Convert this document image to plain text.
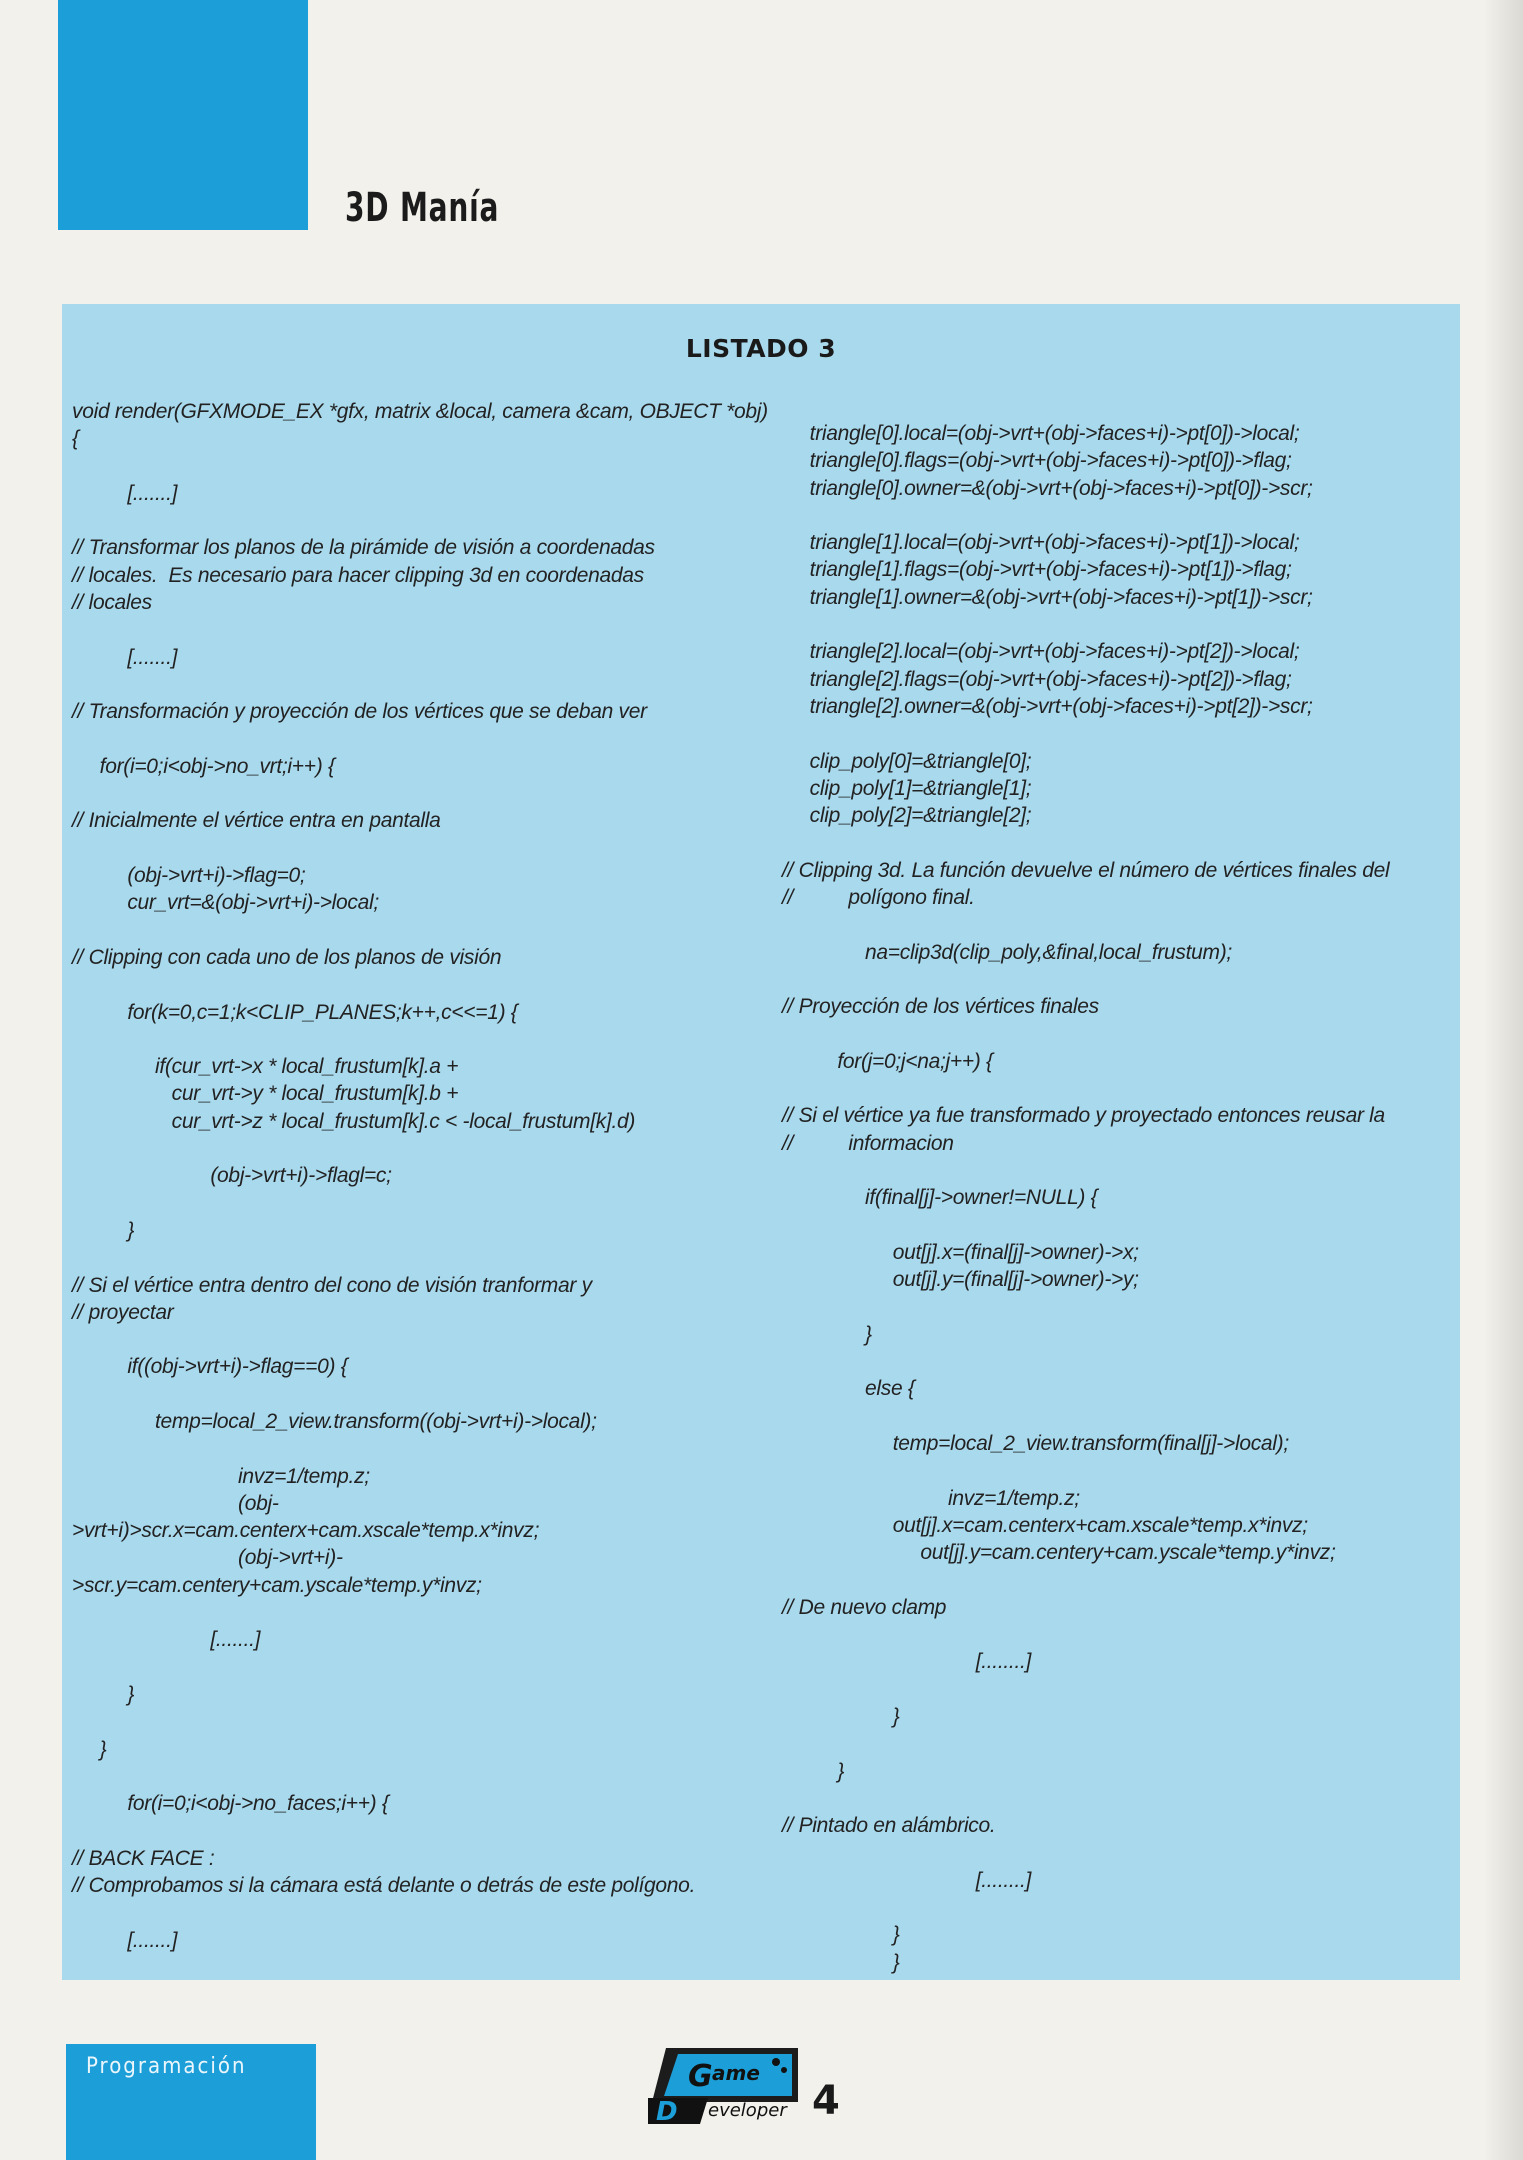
3D Manía
LISTADO 3
void render(GFXMODE_EX *gfx, matrix &local, camera &cam, OBJECT *obj)
{

[.......]

// Transformar los planos de la pirámide de visión a coordenadas
// locales.  Es necesario para hacer clipping 3d en coordenadas
// locales

[.......]

// Transformación y proyección de los vértices que se deban ver

for(i=0;i<obj->no_vrt;i++) {

// Inicialmente el vértice entra en pantalla

(obj->vrt+i)->flag=0;
cur_vrt=&(obj->vrt+i)->local;

// Clipping con cada uno de los planos de visión

for(k=0,c=1;k<CLIP_PLANES;k++,c<<=1) {

if(cur_vrt->x * local_frustum[k].a +
cur_vrt->y * local_frustum[k].b +
cur_vrt->z * local_frustum[k].c < -local_frustum[k].d)

(obj->vrt+i)->flagl=c;

}

// Si el vértice entra dentro del cono de visión tranformar y
// proyectar

if((obj->vrt+i)->flag==0) {

temp=local_2_view.transform((obj->vrt+i)->local);

invz=1/temp.z;
(obj-
>vrt+i)>scr.x=cam.centerx+cam.xscale*temp.x*invz;
(obj->vrt+i)-
>scr.y=cam.centery+cam.yscale*temp.y*invz;

[.......]

}

}

for(i=0;i<obj->no_faces;i++) {

// BACK FACE :
// Comprobamos si la cámara está delante o detrás de este polígono.

[.......]
triangle[0].local=(obj->vrt+(obj->faces+i)->pt[0])->local;
triangle[0].flags=(obj->vrt+(obj->faces+i)->pt[0])->flag;
triangle[0].owner=&(obj->vrt+(obj->faces+i)->pt[0])->scr;

triangle[1].local=(obj->vrt+(obj->faces+i)->pt[1])->local;
triangle[1].flags=(obj->vrt+(obj->faces+i)->pt[1])->flag;
triangle[1].owner=&(obj->vrt+(obj->faces+i)->pt[1])->scr;

triangle[2].local=(obj->vrt+(obj->faces+i)->pt[2])->local;
triangle[2].flags=(obj->vrt+(obj->faces+i)->pt[2])->flag;
triangle[2].owner=&(obj->vrt+(obj->faces+i)->pt[2])->scr;

clip_poly[0]=&triangle[0];
clip_poly[1]=&triangle[1];
clip_poly[2]=&triangle[2];

// Clipping 3d. La función devuelve el número de vértices finales del
//          polígono final.

na=clip3d(clip_poly,&final,local_frustum);

// Proyección de los vértices finales

for(j=0;j<na;j++) {

// Si el vértice ya fue transformado y proyectado entonces reusar la
//          informacion

if(final[j]->owner!=NULL) {

out[j].x=(final[j]->owner)->x;
out[j].y=(final[j]->owner)->y;

}

else {

temp=local_2_view.transform(final[j]->local);

invz=1/temp.z;
out[j].x=cam.centerx+cam.xscale*temp.x*invz;
out[j].y=cam.centery+cam.yscale*temp.y*invz;

// De nuevo clamp

[........]

}

}

// Pintado en alámbrico.

[........]

}
}
Programación	G ame
D eveloper 4
